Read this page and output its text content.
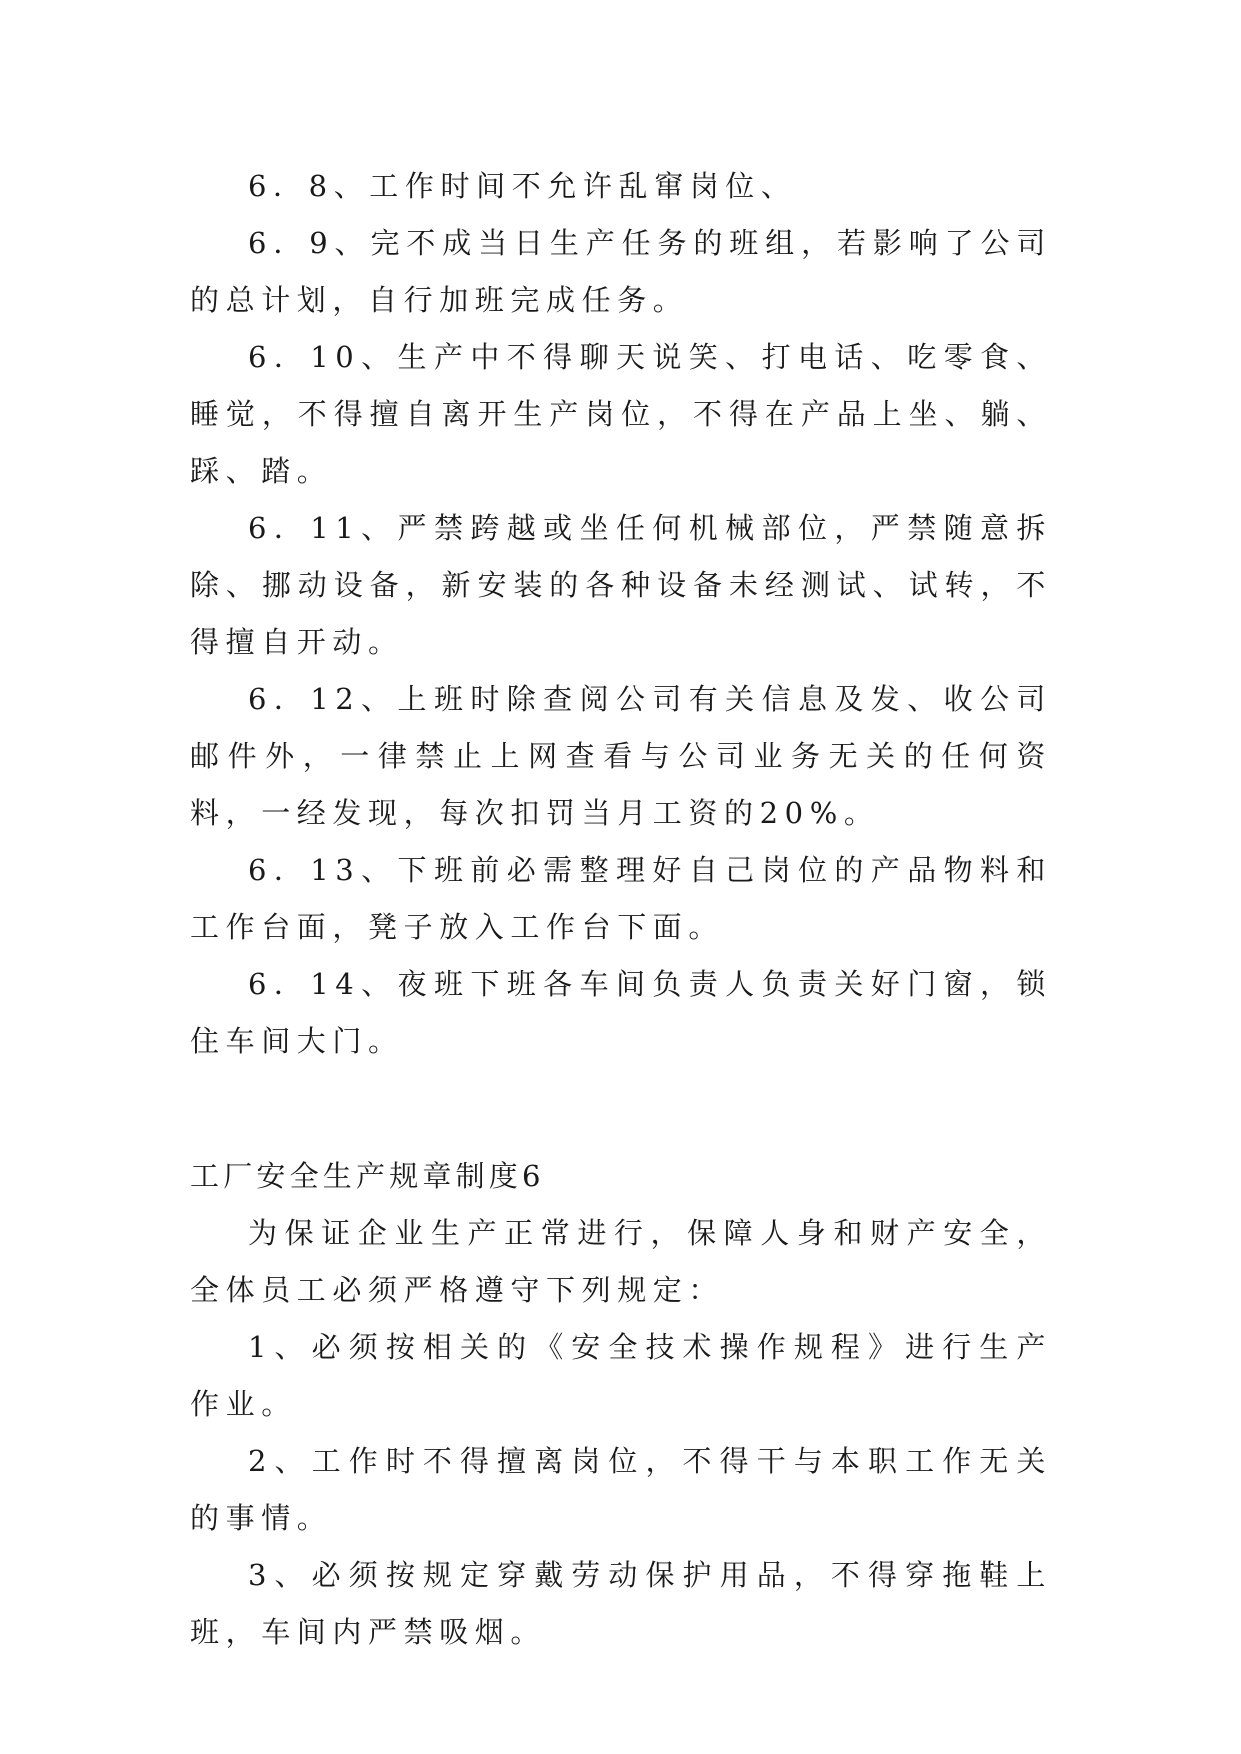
6．8、工作时间不允许乱窜岗位、

6．9、完不成当日生产任务的班组，若影响了公司的总计划，自行加班完成任务。

6．10、生产中不得聊天说笑、打电话、吃零食、睡觉，不得擅自离开生产岗位，不得在产品上坐、躺、踩、踏。

6．11、严禁跨越或坐任何机械部位，严禁随意拆除、挪动设备，新安装的各种设备未经测试、试转，不得擅自开动。

6．12、上班时除查阅公司有关信息及发、收公司邮件外，一律禁止上网查看与公司业务无关的任何资料，一经发现，每次扣罚当月工资的20%。

6．13、下班前必需整理好自己岗位的产品物料和工作台面，凳子放入工作台下面。

6．14、夜班下班各车间负责人负责关好门窗，锁住车间大门。

工厂安全生产规章制度6

为保证企业生产正常进行，保障人身和财产安全，全体员工必须严格遵守下列规定：

1、必须按相关的《安全技术操作规程》进行生产作业。

2、工作时不得擅离岗位，不得干与本职工作无关的事情。

3、必须按规定穿戴劳动保护用品，不得穿拖鞋上班，车间内严禁吸烟。
